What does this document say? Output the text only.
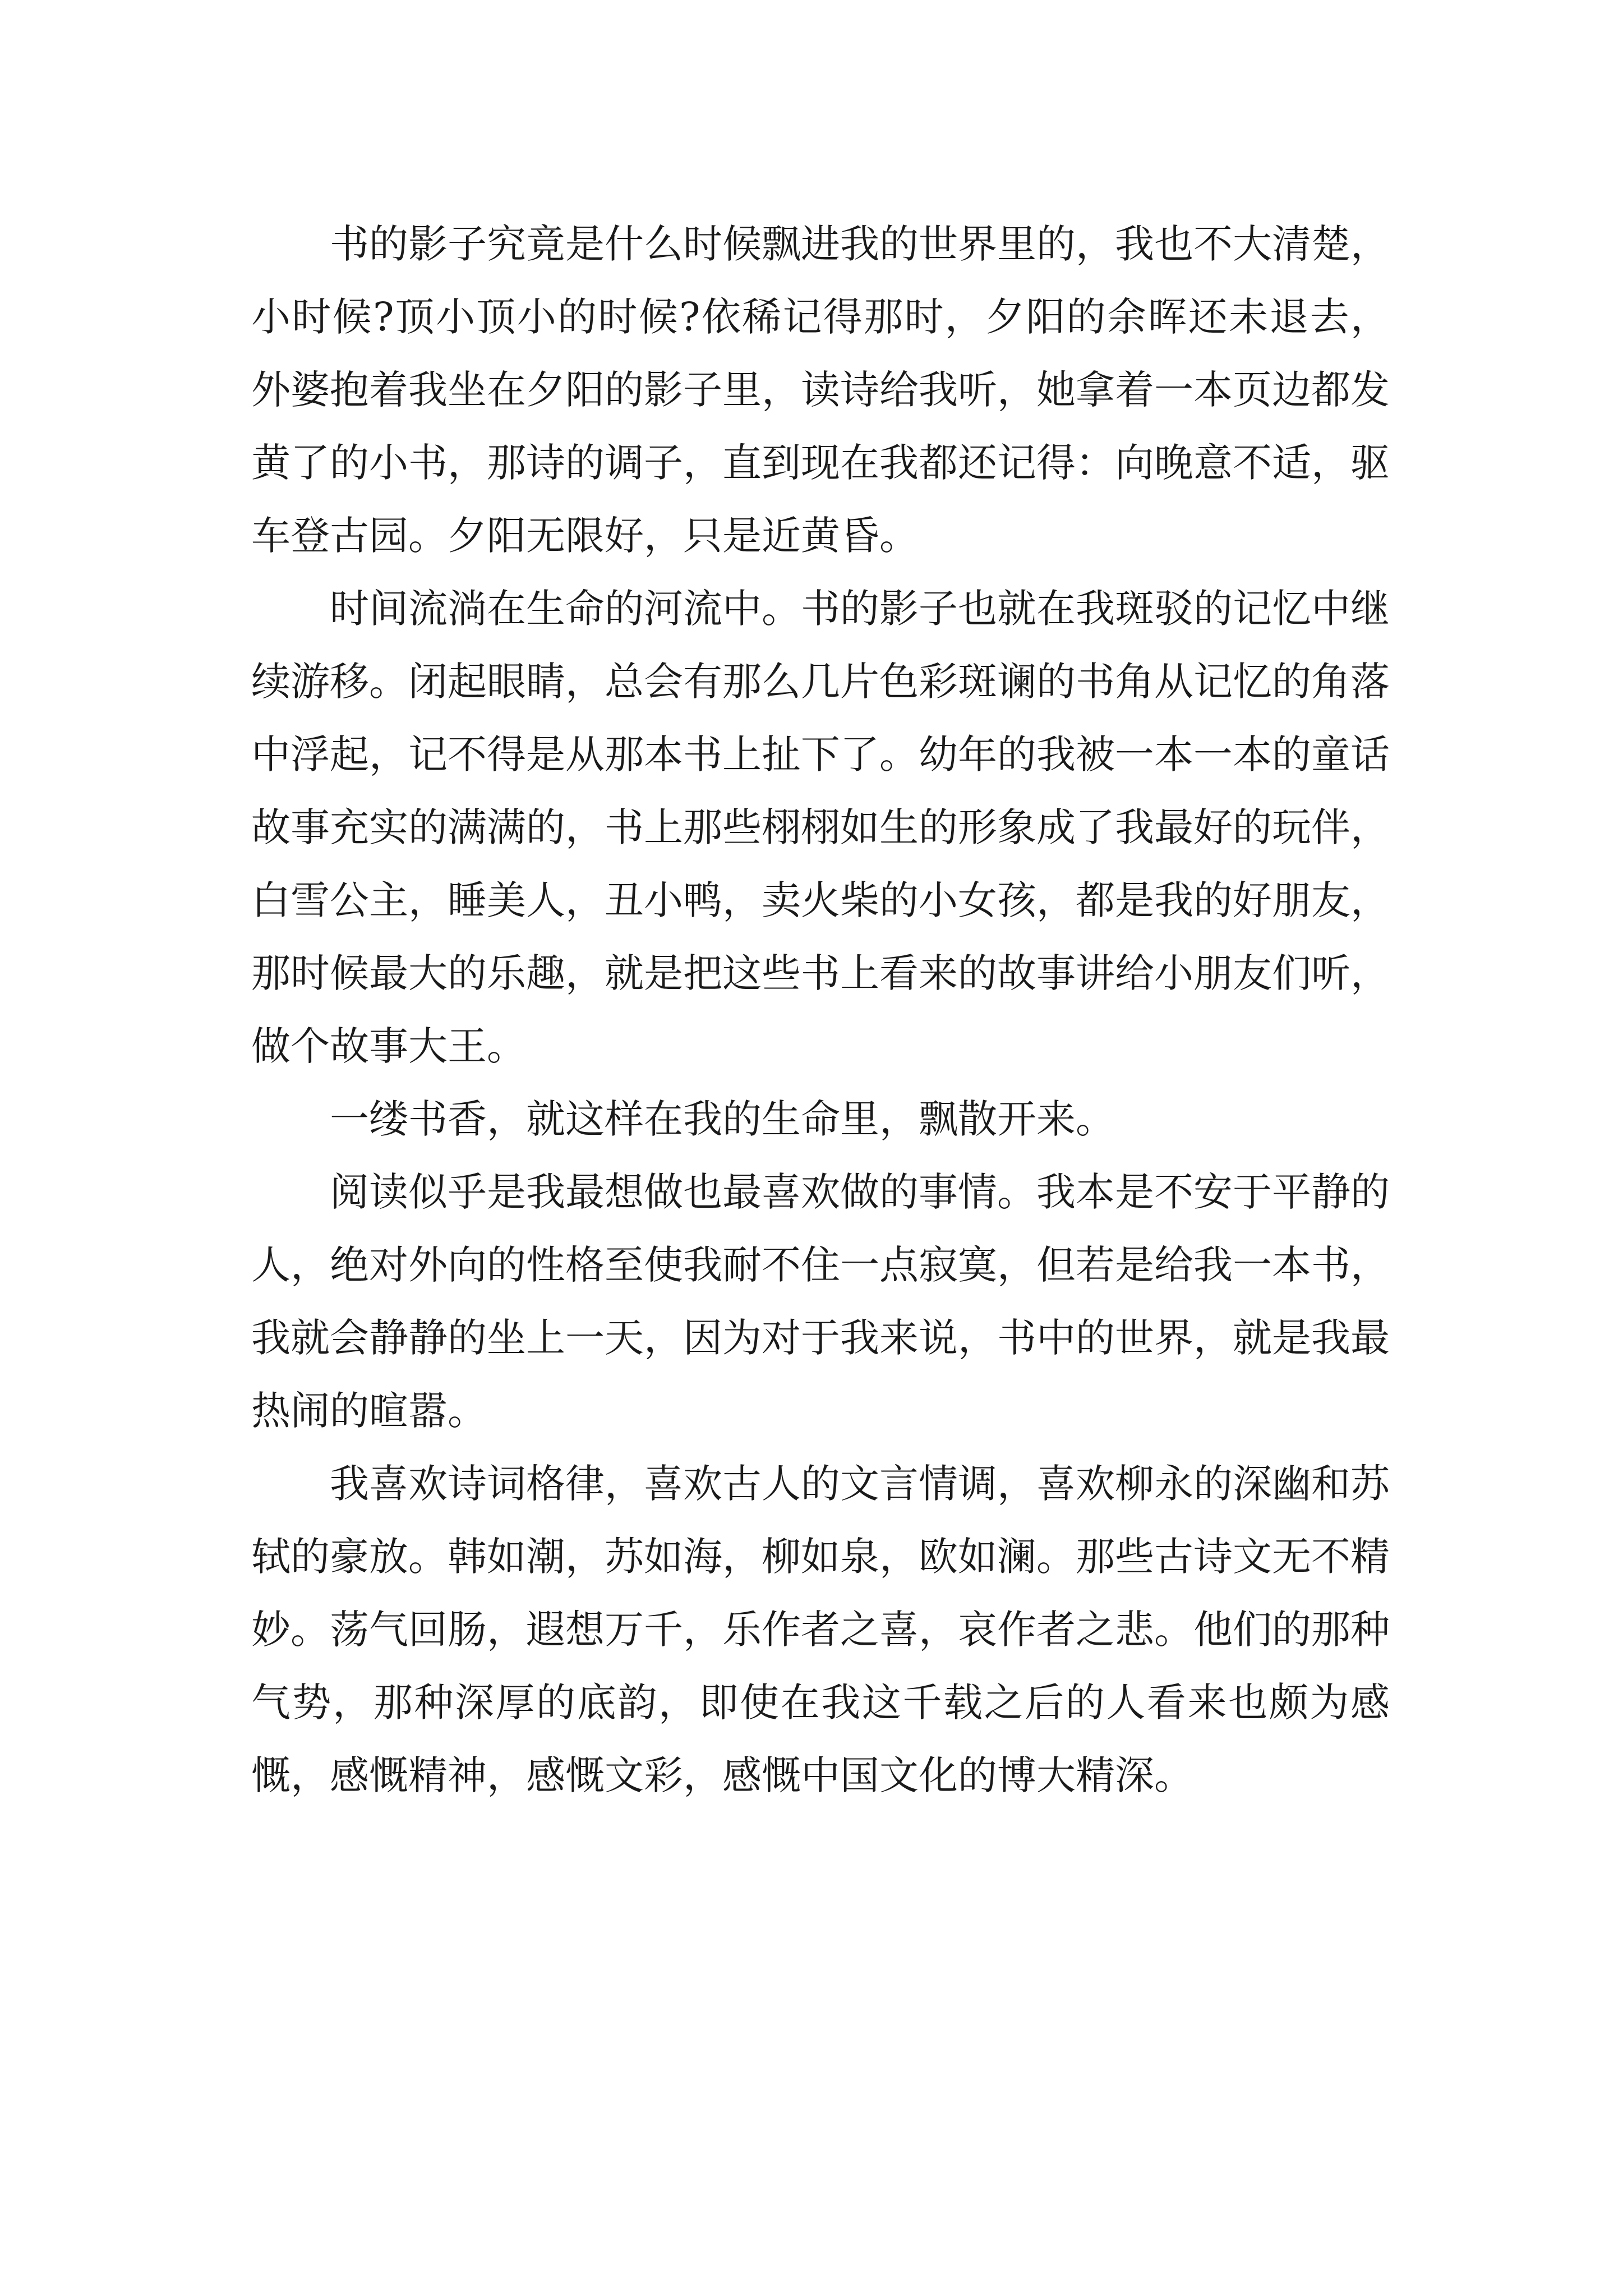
书的影子究竟是什么时候飘进我的世界里的，我也不大清楚，小时候?顶小顶小的时候?依稀记得那时，夕阳的余晖还未退去，外婆抱着我坐在夕阳的影子里，读诗给我听，她拿着一本页边都发黄了的小书，那诗的调子，直到现在我都还记得：向晚意不适，驱车登古园。夕阳无限好，只是近黄昏。

时间流淌在生命的河流中。书的影子也就在我斑驳的记忆中继续游移。闭起眼睛，总会有那么几片色彩斑谰的书角从记忆的角落中浮起，记不得是从那本书上扯下了。幼年的我被一本一本的童话故事充实的满满的，书上那些栩栩如生的形象成了我最好的玩伴，白雪公主，睡美人，丑小鸭，卖火柴的小女孩，都是我的好朋友，那时候最大的乐趣，就是把这些书上看来的故事讲给小朋友们听，做个故事大王。

一缕书香，就这样在我的生命里，飘散开来。

阅读似乎是我最想做也最喜欢做的事情。我本是不安于平静的人，绝对外向的性格至使我耐不住一点寂寞，但若是给我一本书，我就会静静的坐上一天，因为对于我来说，书中的世界，就是我最热闹的暄嚣。

我喜欢诗词格律，喜欢古人的文言情调，喜欢柳永的深幽和苏轼的豪放。韩如潮，苏如海，柳如泉，欧如澜。那些古诗文无不精妙。荡气回肠，遐想万千，乐作者之喜，哀作者之悲。他们的那种气势，那种深厚的底韵，即使在我这千载之后的人看来也颇为感慨，感慨精神，感慨文彩，感慨中国文化的博大精深。
